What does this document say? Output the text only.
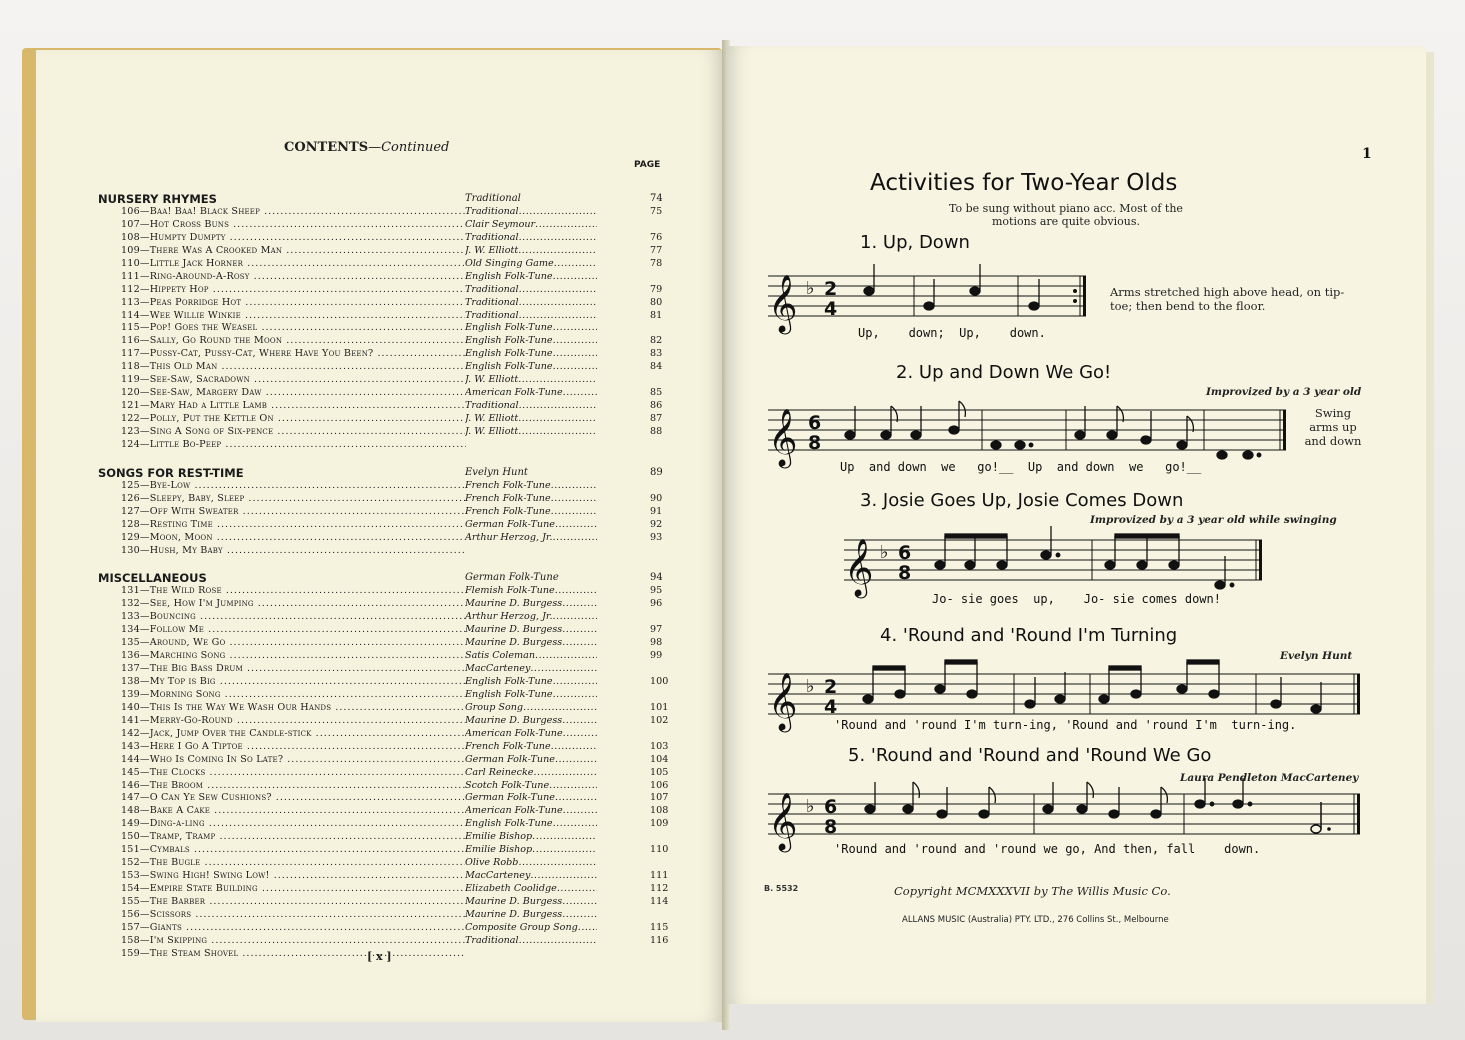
CONTENTS—Continued
PAGE
NURSERY RHYMES	Traditional	74
106—Baa! Baa! Black Sheep .....	Traditional .....	75
107—Hot Cross Buns .....	Clair Seymour .....
108—Humpty Dumpty .....	Traditional .....	76
109—There Was A Crooked Man .....	J. W. Elliott .....	77
110—Little Jack Horner .....	Old Singing Game .....	78
111—Ring-Around-A-Rosy .....	English Folk-Tune .....
112—Hippety Hop .....	Traditional .....	79
113—Peas Porridge Hot .....	Traditional .....	80
114—Wee Willie Winkie .....	Traditional .....	81
115—Pop! Goes the Weasel .....	English Folk-Tune .....
116—Sally, Go Round the Moon .....	English Folk-Tune .....	82
117—Pussy-Cat, Pussy-Cat, Where Have You Been? .....	English Folk-Tune .....	83
118—This Old Man .....	English Folk-Tune .....	84
119—See-Saw, Sacradown .....	J. W. Elliott .....
120—See-Saw, Margery Daw .....	American Folk-Tune .....	85
121—Mary Had a Little Lamb .....	Traditional .....	86
122—Polly, Put the Kettle On .....	J. W. Elliott .....	87
123—Sing A Song of Six-pence .....	J. W. Elliott .....	88
124—Little Bo-Peep .....
SONGS FOR REST-TIME	Evelyn Hunt	89
125—Bye-Low .....	French Folk-Tune .....
126—Sleepy, Baby, Sleep .....	French Folk-Tune .....	90
127—Off With Sweater .....	French Folk-Tune .....	91
128—Resting Time .....	German Folk-Tune .....	92
129—Moon, Moon .....	Arthur Herzog, Jr. .....	93
130—Hush, My Baby .....
MISCELLANEOUS	German Folk-Tune	94
131—The Wild Rose .....	Flemish Folk-Tune .....	95
132—See, How I'm Jumping .....	Maurine D. Burgess .....	96
133—Bouncing .....	Arthur Herzog, Jr. .....
134—Follow Me .....	Maurine D. Burgess .....	97
135—Around, We Go .....	Maurine D. Burgess .....	98
136—Marching Song .....	Satis Coleman .....	99
137—The Big Bass Drum .....	MacCarteney .....
138—My Top is Big .....	English Folk-Tune .....	100
139—Morning Song .....	English Folk-Tune .....
140—This Is the Way We Wash Our Hands .....	Group Song .....	101
141—Merry-Go-Round .....	Maurine D. Burgess .....	102
142—Jack, Jump Over the Candle-stick .....	American Folk-Tune .....
143—Here I Go A Tiptoe .....	French Folk-Tune .....	103
144—Who Is Coming In So Late? .....	German Folk-Tune .....	104
145—The Clocks .....	Carl Reinecke .....	105
146—The Broom .....	Scotch Folk-Tune .....	106
147—O Can Ye Sew Cushions? .....	German Folk-Tune .....	107
148—Bake A Cake .....	American Folk-Tune .....	108
149—Ding-a-ling .....	English Folk-Tune .....	109
150—Tramp, Tramp .....	Emilie Bishop .....
151—Cymbals .....	Emilie Bishop .....	110
152—The Bugle .....	Olive Robb .....
153—Swing High! Swing Low! .....	MacCarteney .....	111
154—Empire State Building .....	Elizabeth Coolidge .....	112
155—The Barber .....	Maurine D. Burgess .....	114
156—Scissors .....	Maurine D. Burgess .....
157—Giants .....	Composite Group Song .....	115
158—I'm Skipping .....	Traditional .....	116
159—The Steam Shovel .....	[ x ]
1
Activities for Two-Year Olds
To be sung without piano acc. Most of the motions are quite obvious.
1. Up, Down
𝄞 ♭ 2
4
Up,    down;  Up,    down.
Arms stretched high above head, on tip-toe; then bend to the floor.
2. Up and Down We Go!
Improvized by a 3 year old
𝄞 6
8
Up  and down  we   go!__  Up  and down  we   go!__
Swing arms up and down
3. Josie Goes Up, Josie Comes Down
Improvized by a 3 year old while swinging
𝄞 ♭ 6
8
Jo- sie goes  up,    Jo- sie comes down!
4. 'Round and 'Round I'm Turning
Evelyn Hunt
𝄞 ♭ 2
4
'Round and 'round I'm turn-ing, 'Round and 'round I'm  turn-ing.
5. 'Round and 'Round and 'Round We Go
Laura Pendleton MacCarteney
𝄞 ♭ 6
8
'Round and 'round and 'round we go, And then, fall    down.
B. 5532	Copyright MCMXXXVII by The Willis Music Co.
ALLANS MUSIC (Australia) PTY. LTD., 276 Collins St., Melbourne
